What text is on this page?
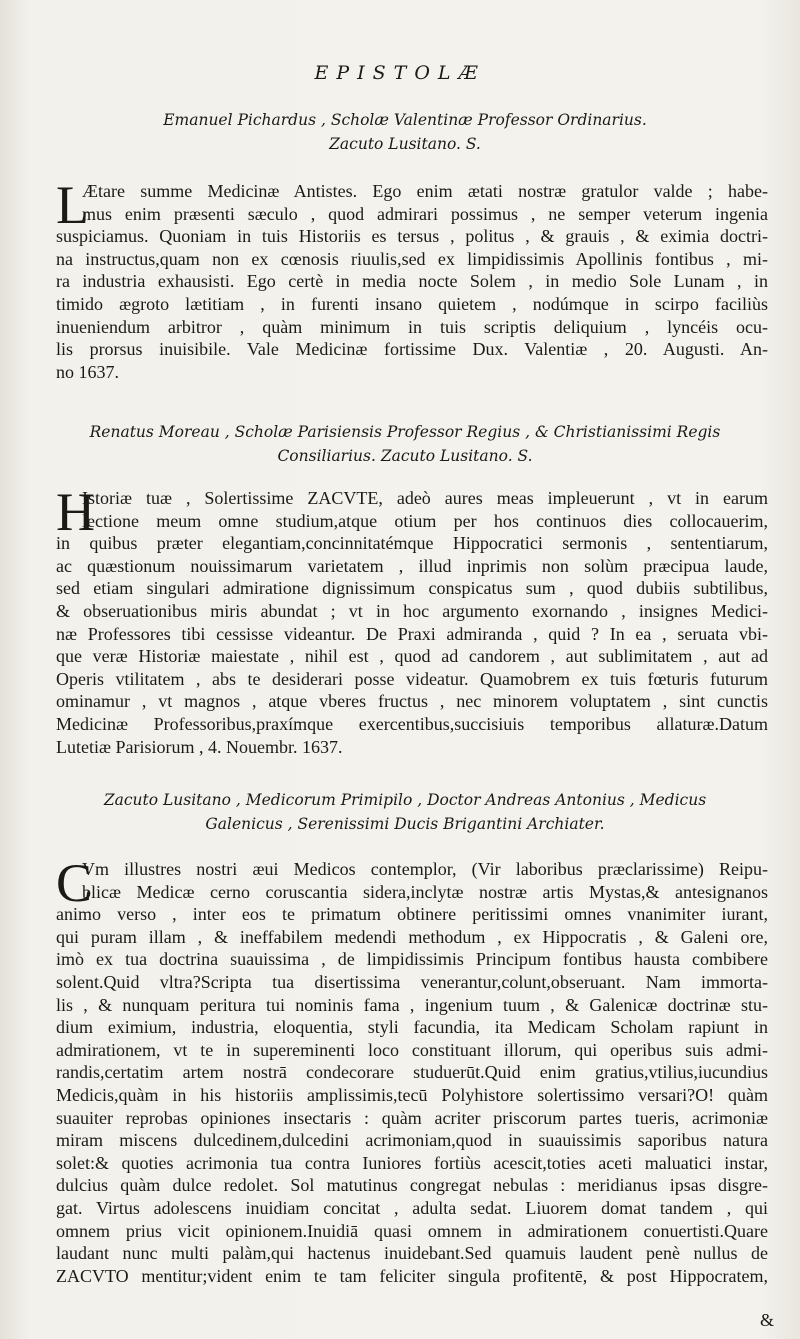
EPISTOLÆ
Emanuel Pichardus , Scholæ Valentinæ Professor Ordinarius.
Zacuto Lusitano. S.
L
Ætare summe Medicinæ Antistes. Ego enim ætati nostræ gratulor valde ; habe-
mus enim præsenti sæculo , quod admirari possimus , ne semper veterum ingenia
suspiciamus. Quoniam in tuis Historiis es tersus , politus , & grauis , & eximia doctri-
na instructus,quam non ex cœnosis riuulis,sed ex limpidissimis Apollinis fontibus , mi-
ra industria exhausisti. Ego certè in media nocte Solem , in medio Sole Lunam , in
timido ægroto lætitiam , in furenti insano quietem , nodúmque in scirpo faciliùs
inueniendum arbitror , quàm minimum in tuis scriptis deliquium , lyncéis ocu-
lis prorsus inuisibile. Vale Medicinæ fortissime Dux. Valentiæ , 20. Augusti. An-
no 1637.
Renatus Moreau , Scholæ Parisiensis Professor Regius , & Christianissimi Regis
Consiliarius. Zacuto Lusitano. S.
H
Istoriæ tuæ , Solertissime ZACVTE, adeò aures meas impleuerunt , vt in earum
lectione meum omne studium,atque otium per hos continuos dies collocauerim,
in quibus præter elegantiam,concinnitatémque Hippocratici sermonis , sententiarum,
ac quæstionum nouissimarum varietatem , illud inprimis non solùm præcipua laude,
sed etiam singulari admiratione dignissimum conspicatus sum , quod dubiis subtilibus,
& obseruationibus miris abundat ; vt in hoc argumento exornando , insignes Medici-
næ Professores tibi cessisse videantur. De Praxi admiranda , quid ? In ea , seruata vbi-
que veræ Historiæ maiestate , nihil est , quod ad candorem , aut sublimitatem , aut ad
Operis vtilitatem , abs te desiderari posse videatur. Quamobrem ex tuis fœturis futurum
ominamur , vt magnos , atque vberes fructus , nec minorem voluptatem , sint cunctis
Medicinæ Professoribus,praxímque exercentibus,succisiuis temporibus allaturæ.Datum
Lutetiæ Parisiorum , 4. Nouembr. 1637.
Zacuto Lusitano , Medicorum Primipilo , Doctor Andreas Antonius , Medicus
Galenicus , Serenissimi Ducis Brigantini Archiater.
C
Vm illustres nostri æui Medicos contemplor, (Vir laboribus præclarissime) Reipu-
blicæ Medicæ cerno coruscantia sidera,inclytæ nostræ artis Mystas,& antesignanos
animo verso , inter eos te primatum obtinere peritissimi omnes vnanimiter iurant,
qui puram illam , & ineffabilem medendi methodum , ex Hippocratis , & Galeni ore,
imò ex tua doctrina suauissima , de limpidissimis Principum fontibus hausta combibere
solent.Quid vltra?Scripta tua disertissima venerantur,colunt,obseruant. Nam immorta-
lis , & nunquam peritura tui nominis fama , ingenium tuum , & Galenicæ doctrinæ stu-
dium eximium, industria, eloquentia, styli facundia, ita Medicam Scholam rapiunt in
admirationem, vt te in supereminenti loco constituant illorum, qui operibus suis admi-
randis,certatim artem nostrā condecorare studuerūt.Quid enim gratius,vtilius,iucundius
Medicis,quàm in his historiis amplissimis,tecū Polyhistore solertissimo versari?O! quàm
suauiter reprobas opiniones insectaris : quàm acriter priscorum partes tueris, acrimoniæ
miram miscens dulcedinem,dulcedini acrimoniam,quod in suauissimis saporibus natura
solet:& quoties acrimonia tua contra Iuniores fortiùs acescit,toties aceti maluatici instar,
dulcius quàm dulce redolet. Sol matutinus congregat nebulas : meridianus ipsas disgre-
gat. Virtus adolescens inuidiam concitat , adulta sedat. Liuorem domat tandem , qui
omnem prius vicit opinionem.Inuidiā quasi omnem in admirationem conuertisti.Quare
laudant nunc multi palàm,qui hactenus inuidebant.Sed quamuis laudent penè nullus de
ZACVTO mentitur;vident enim te tam feliciter singula profitentē, & post Hippocratem,
&
